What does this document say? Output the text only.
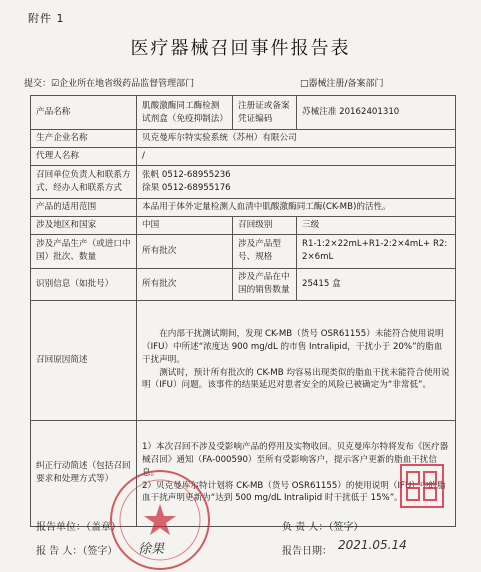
附件 1
医疗器械召回事件报告表
提交：☑企业所在地省级药品监督管理部门	□器械注册/备案部门
产品名称	肌酸激酶同工酶检测试剂盒（免疫抑制法）	注册证或备案凭证编码	苏械注准 20162401310
生产企业名称	贝克曼库尔特实验系统（苏州）有限公司		
代理人名称	/		
召回单位负责人和联系方式、经办人和联系方式	张帆 0512-68955236
徐果 0512-68955176		

产品的适用范围	本品用于体外定量检测人血清中肌酸激酶同工酶(CK-MB)的活性。		
涉及地区和国家	中国	召回级别	三级
涉及产品生产（或进口中国）批次、数量	所有批次	涉及产品型号、规格	R1-1:2×22mL+R1-2:2×4mL+ R2: 2×6mL
识别信息（如批号）	所有批次	涉及产品在中国的销售数量	25415 盒
召回原因简述	在内部干扰测试期间，发现 CK-MB（货号 OSR61155）未能符合使用说明（IFU）中所述“浓度达 900 mg/dL 的市售 Intralipid，干扰小于 20%”的脂血干扰声明。

测试时，预计所有批次的 CK-MB 均容易出现类似的脂血干扰未能符合使用说明（IFU）问题。该事件的结果延迟对患者安全的风险已被确定为“非常低”。		

纠正行动简述（包括召回要求和处理方式等）	1）本次召回不涉及受影响产品的停用及实物收回。贝克曼库尔特将发布《医疗器械召回》通知（FA-000590）至所有受影响客户，提示客户更新的脂血干扰信息。
2）贝克曼库尔特计划将 CK-MB（货号 OSR61155）的使用说明（IFU）中的脂血干扰声明更新为“达到 500 mg/dL Intralipid 时干扰低于 15%”。		
报告单位：（盖章）
报 告 人：（签字） 徐果
负 责 人：（签字）
报告日期： 2021.05.14
